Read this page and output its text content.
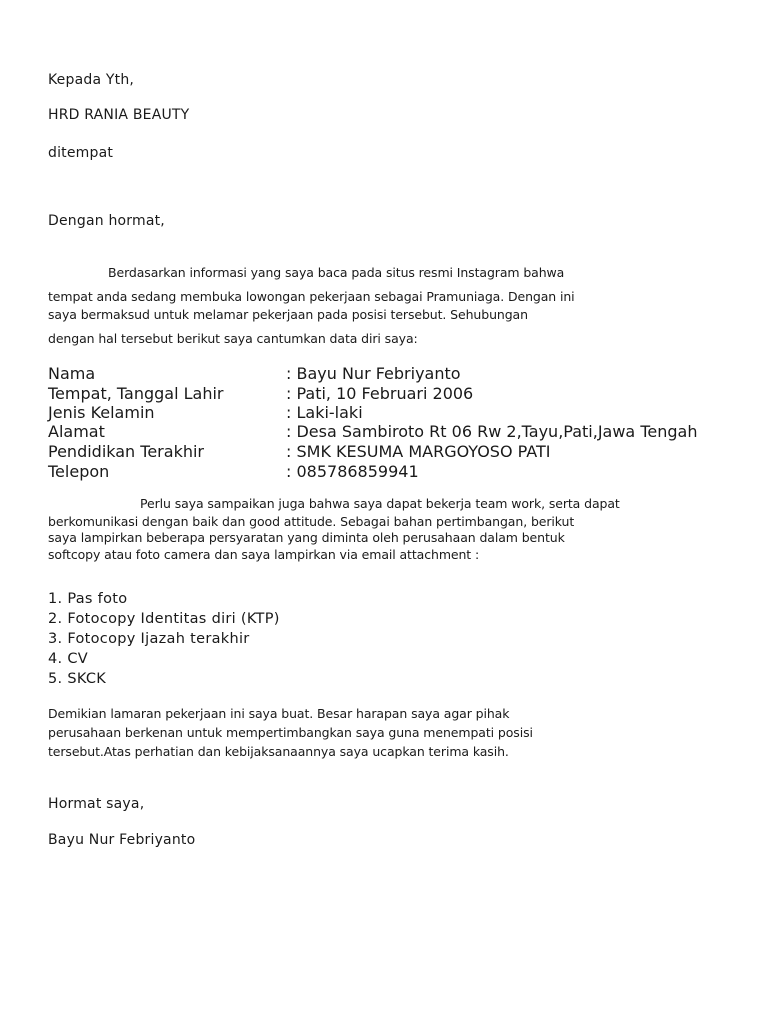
Kepada Yth,
HRD RANIA BEAUTY
ditempat
Dengan hormat,
Berdasarkan informasi yang saya baca pada situs resmi Instagram bahwa
tempat anda sedang membuka lowongan pekerjaan sebagai Pramuniaga. Dengan ini
saya bermaksud untuk melamar pekerjaan pada posisi tersebut. Sehubungan
dengan hal tersebut berikut saya cantumkan data diri saya:
Nama	: Bayu Nur Febriyanto
Tempat, Tanggal Lahir	: Pati, 10 Februari 2006
Jenis Kelamin	: Laki-laki
Alamat	: Desa Sambiroto Rt 06 Rw 2,Tayu,Pati,Jawa Tengah
Pendidikan Terakhir	: SMK KESUMA MARGOYOSO PATI
Telepon	: 085786859941
Perlu saya sampaikan juga bahwa saya dapat bekerja team work, serta dapat
berkomunikasi dengan baik dan good attitude. Sebagai bahan pertimbangan, berikut
saya lampirkan beberapa persyaratan yang diminta oleh perusahaan dalam bentuk
softcopy atau foto camera dan saya lampirkan via email attachment :
1. Pas foto
2. Fotocopy Identitas diri (KTP)
3. Fotocopy Ijazah terakhir
4. CV
5. SKCK
Demikian lamaran pekerjaan ini saya buat. Besar harapan saya agar pihak
perusahaan berkenan untuk mempertimbangkan saya guna menempati posisi
tersebut.Atas perhatian dan kebijaksanaannya saya ucapkan terima kasih.
Hormat saya,
Bayu Nur Febriyanto
